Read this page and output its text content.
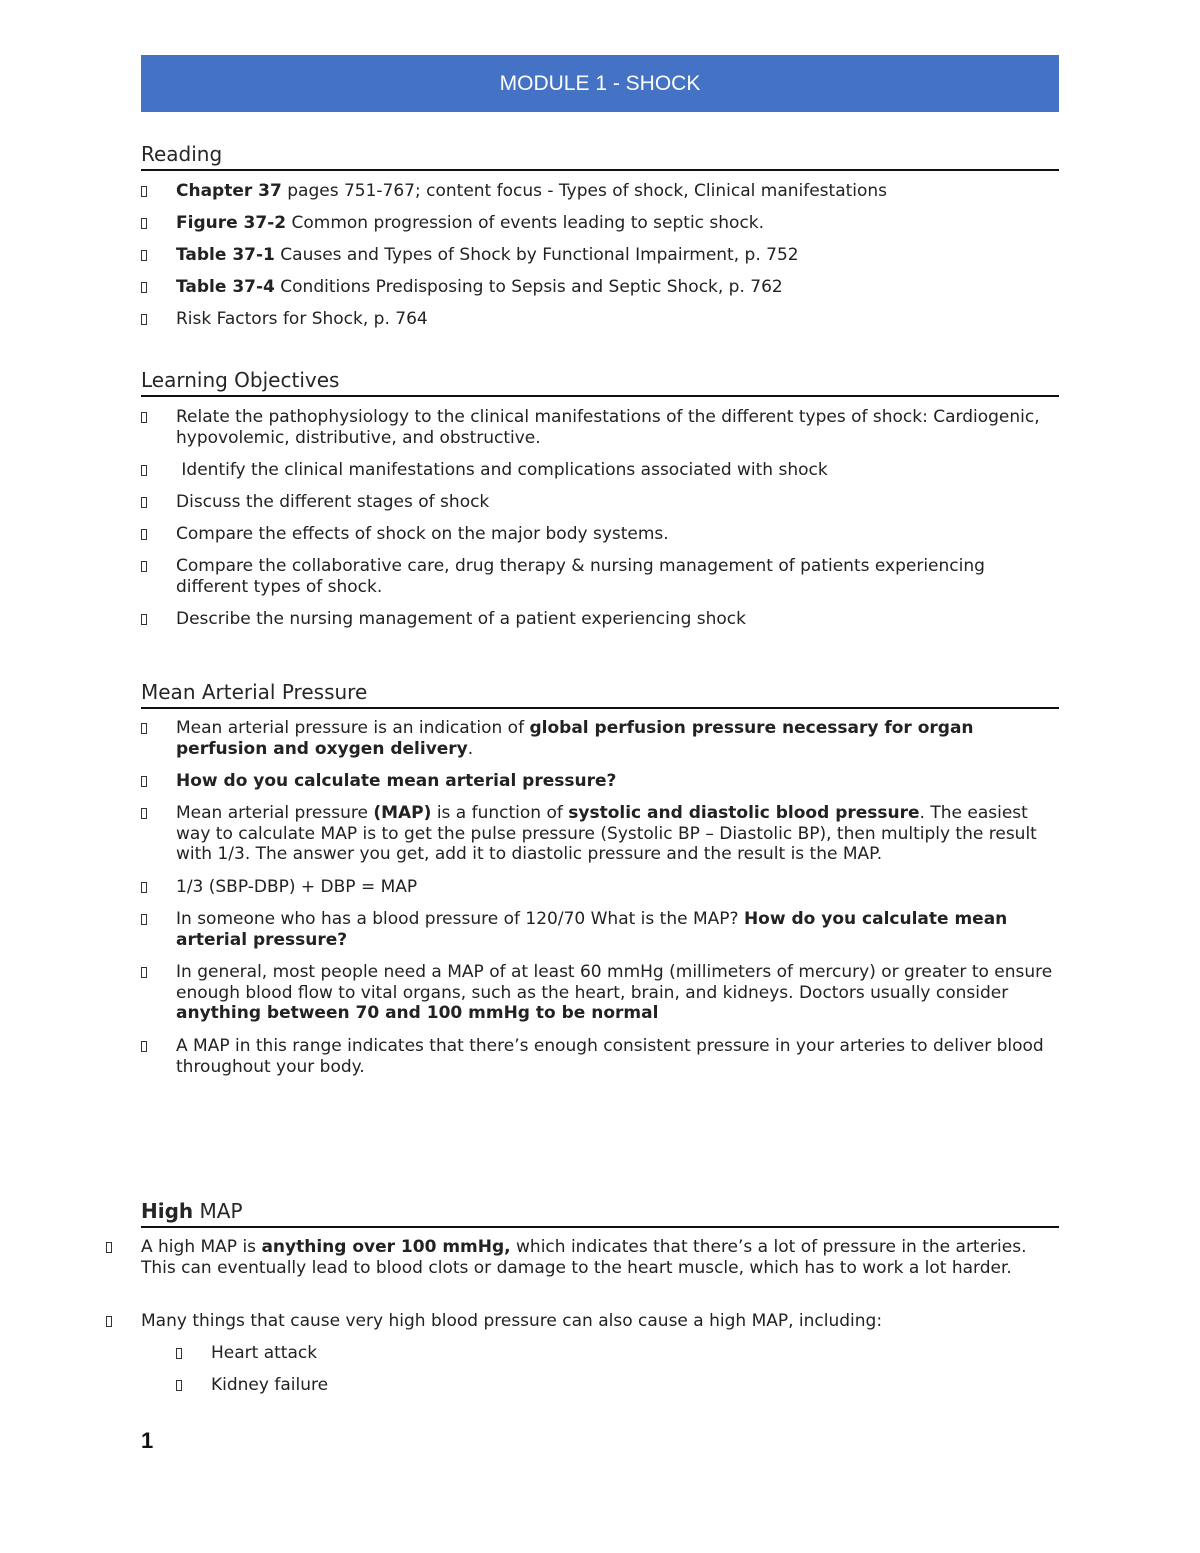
MODULE 1 - SHOCK
Reading
Chapter 37 pages 751-767; content focus - Types of shock, Clinical manifestations
Figure 37-2 Common progression of events leading to septic shock.
Table 37-1 Causes and Types of Shock by Functional Impairment, p. 752
Table 37-4 Conditions Predisposing to Sepsis and Septic Shock, p. 762
Risk Factors for Shock, p. 764
Learning Objectives
Relate the pathophysiology to the clinical manifestations of the different types of shock: Cardiogenic, hypovolemic, distributive, and obstructive.
Identify the clinical manifestations and complications associated with shock
Discuss the different stages of shock
Compare the effects of shock on the major body systems.
Compare the collaborative care, drug therapy & nursing management of patients experiencing different types of shock.
Describe the nursing management of a patient experiencing shock
Mean Arterial Pressure
Mean arterial pressure is an indication of global perfusion pressure necessary for organ perfusion and oxygen delivery.
How do you calculate mean arterial pressure?
Mean arterial pressure (MAP) is a function of systolic and diastolic blood pressure. The easiest way to calculate MAP is to get the pulse pressure (Systolic BP – Diastolic BP), then multiply the result with 1/3. The answer you get, add it to diastolic pressure and the result is the MAP.
1/3 (SBP-DBP) + DBP = MAP
In someone who has a blood pressure of 120/70 What is the MAP? How do you calculate mean arterial pressure?
In general, most people need a MAP of at least 60 mmHg (millimeters of mercury) or greater to ensure enough blood flow to vital organs, such as the heart, brain, and kidneys. Doctors usually consider anything between 70 and 100 mmHg to be normal
A MAP in this range indicates that there’s enough consistent pressure in your arteries to deliver blood throughout your body.
High MAP
A high MAP is anything over 100 mmHg, which indicates that there’s a lot of pressure in the arteries. This can eventually lead to blood clots or damage to the heart muscle, which has to work a lot harder.
Many things that cause very high blood pressure can also cause a high MAP, including:
Heart attack
Kidney failure
1
